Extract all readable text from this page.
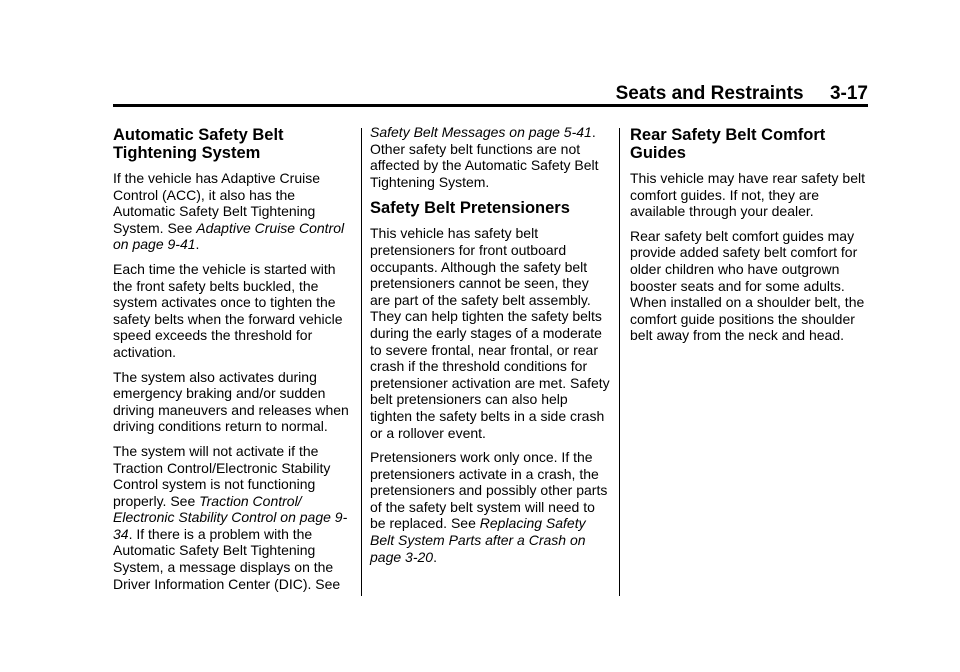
Seats and Restraints 3-17
Automatic Safety Belt Tightening System

If the vehicle has Adaptive Cruise Control (ACC), it also has the Automatic Safety Belt Tightening System. See Adaptive Cruise Control on page 9-41.

Each time the vehicle is started with the front safety belts buckled, the system activates once to tighten the safety belts when the forward vehicle speed exceeds the threshold for activation.

The system also activates during emergency braking and/or sudden driving maneuvers and releases when driving conditions return to normal.

The system will not activate if the Traction Control/Electronic Stability Control system is not functioning properly. See Traction Control/ Electronic Stability Control on page 9-34. If there is a problem with the Automatic Safety Belt Tightening System, a message displays on the Driver Information Center (DIC). See

Safety Belt Messages on page 5-41. Other safety belt functions are not affected by the Automatic Safety Belt Tightening System.

Safety Belt Pretensioners

This vehicle has safety belt pretensioners for front outboard occupants. Although the safety belt pretensioners cannot be seen, they are part of the safety belt assembly. They can help tighten the safety belts during the early stages of a moderate to severe frontal, near frontal, or rear crash if the threshold conditions for pretensioner activation are met. Safety belt pretensioners can also help tighten the safety belts in a side crash or a rollover event.

Pretensioners work only once. If the pretensioners activate in a crash, the pretensioners and possibly other parts of the safety belt system will need to be replaced. See Replacing Safety Belt System Parts after a Crash on page 3-20.

Rear Safety Belt Comfort Guides

This vehicle may have rear safety belt comfort guides. If not, they are available through your dealer.

Rear safety belt comfort guides may provide added safety belt comfort for older children who have outgrown booster seats and for some adults. When installed on a shoulder belt, the comfort guide positions the shoulder belt away from the neck and head.
